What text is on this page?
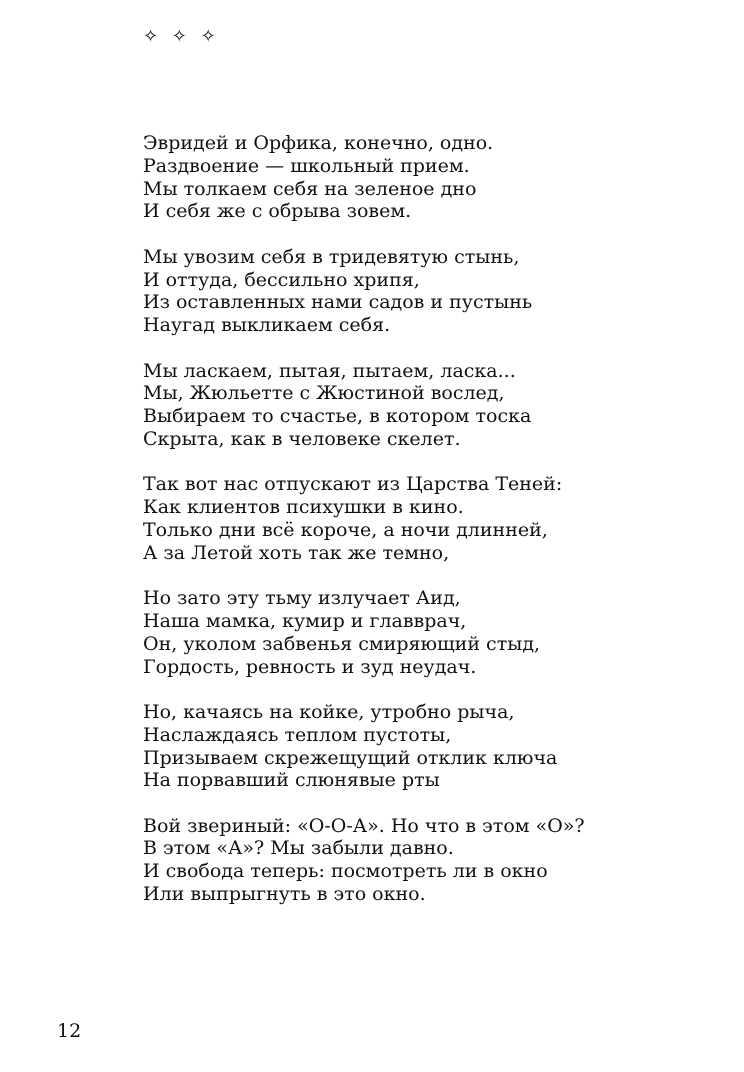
✧ ✧ ✧
Эвридей и Орфика, конечно, одно.
Раздвоение — школьный прием.
Мы толкаем себя на зеленое дно
И себя же с обрыва зовем.
Мы увозим себя в тридевятую стынь,
И оттуда, бессильно хрипя,
Из оставленных нами садов и пустынь
Наугад выкликаем себя.
Мы ласкаем, пытая, пытаем, ласка...
Мы, Жюльетте с Жюстиной вослед,
Выбираем то счастье, в котором тоска
Скрыта, как в человеке скелет.
Так вот нас отпускают из Царства Теней:
Как клиентов психушки в кино.
Только дни всё короче, а ночи длинней,
А за Летой хоть так же темно,
Но зато эту тьму излучает Аид,
Наша мамка, кумир и главврач,
Он, уколом забвенья смиряющий стыд,
Гордость, ревность и зуд неудач.
Но, качаясь на койке, утробно рыча,
Наслаждаясь теплом пустоты,
Призываем скрежещущий отклик ключа
На порвавший слюнявые рты
Вой звериный: «О-О-А». Но что в этом «О»?
В этом «А»? Мы забыли давно.
И свобода теперь: посмотреть ли в окно
Или выпрыгнуть в это окно.
12
